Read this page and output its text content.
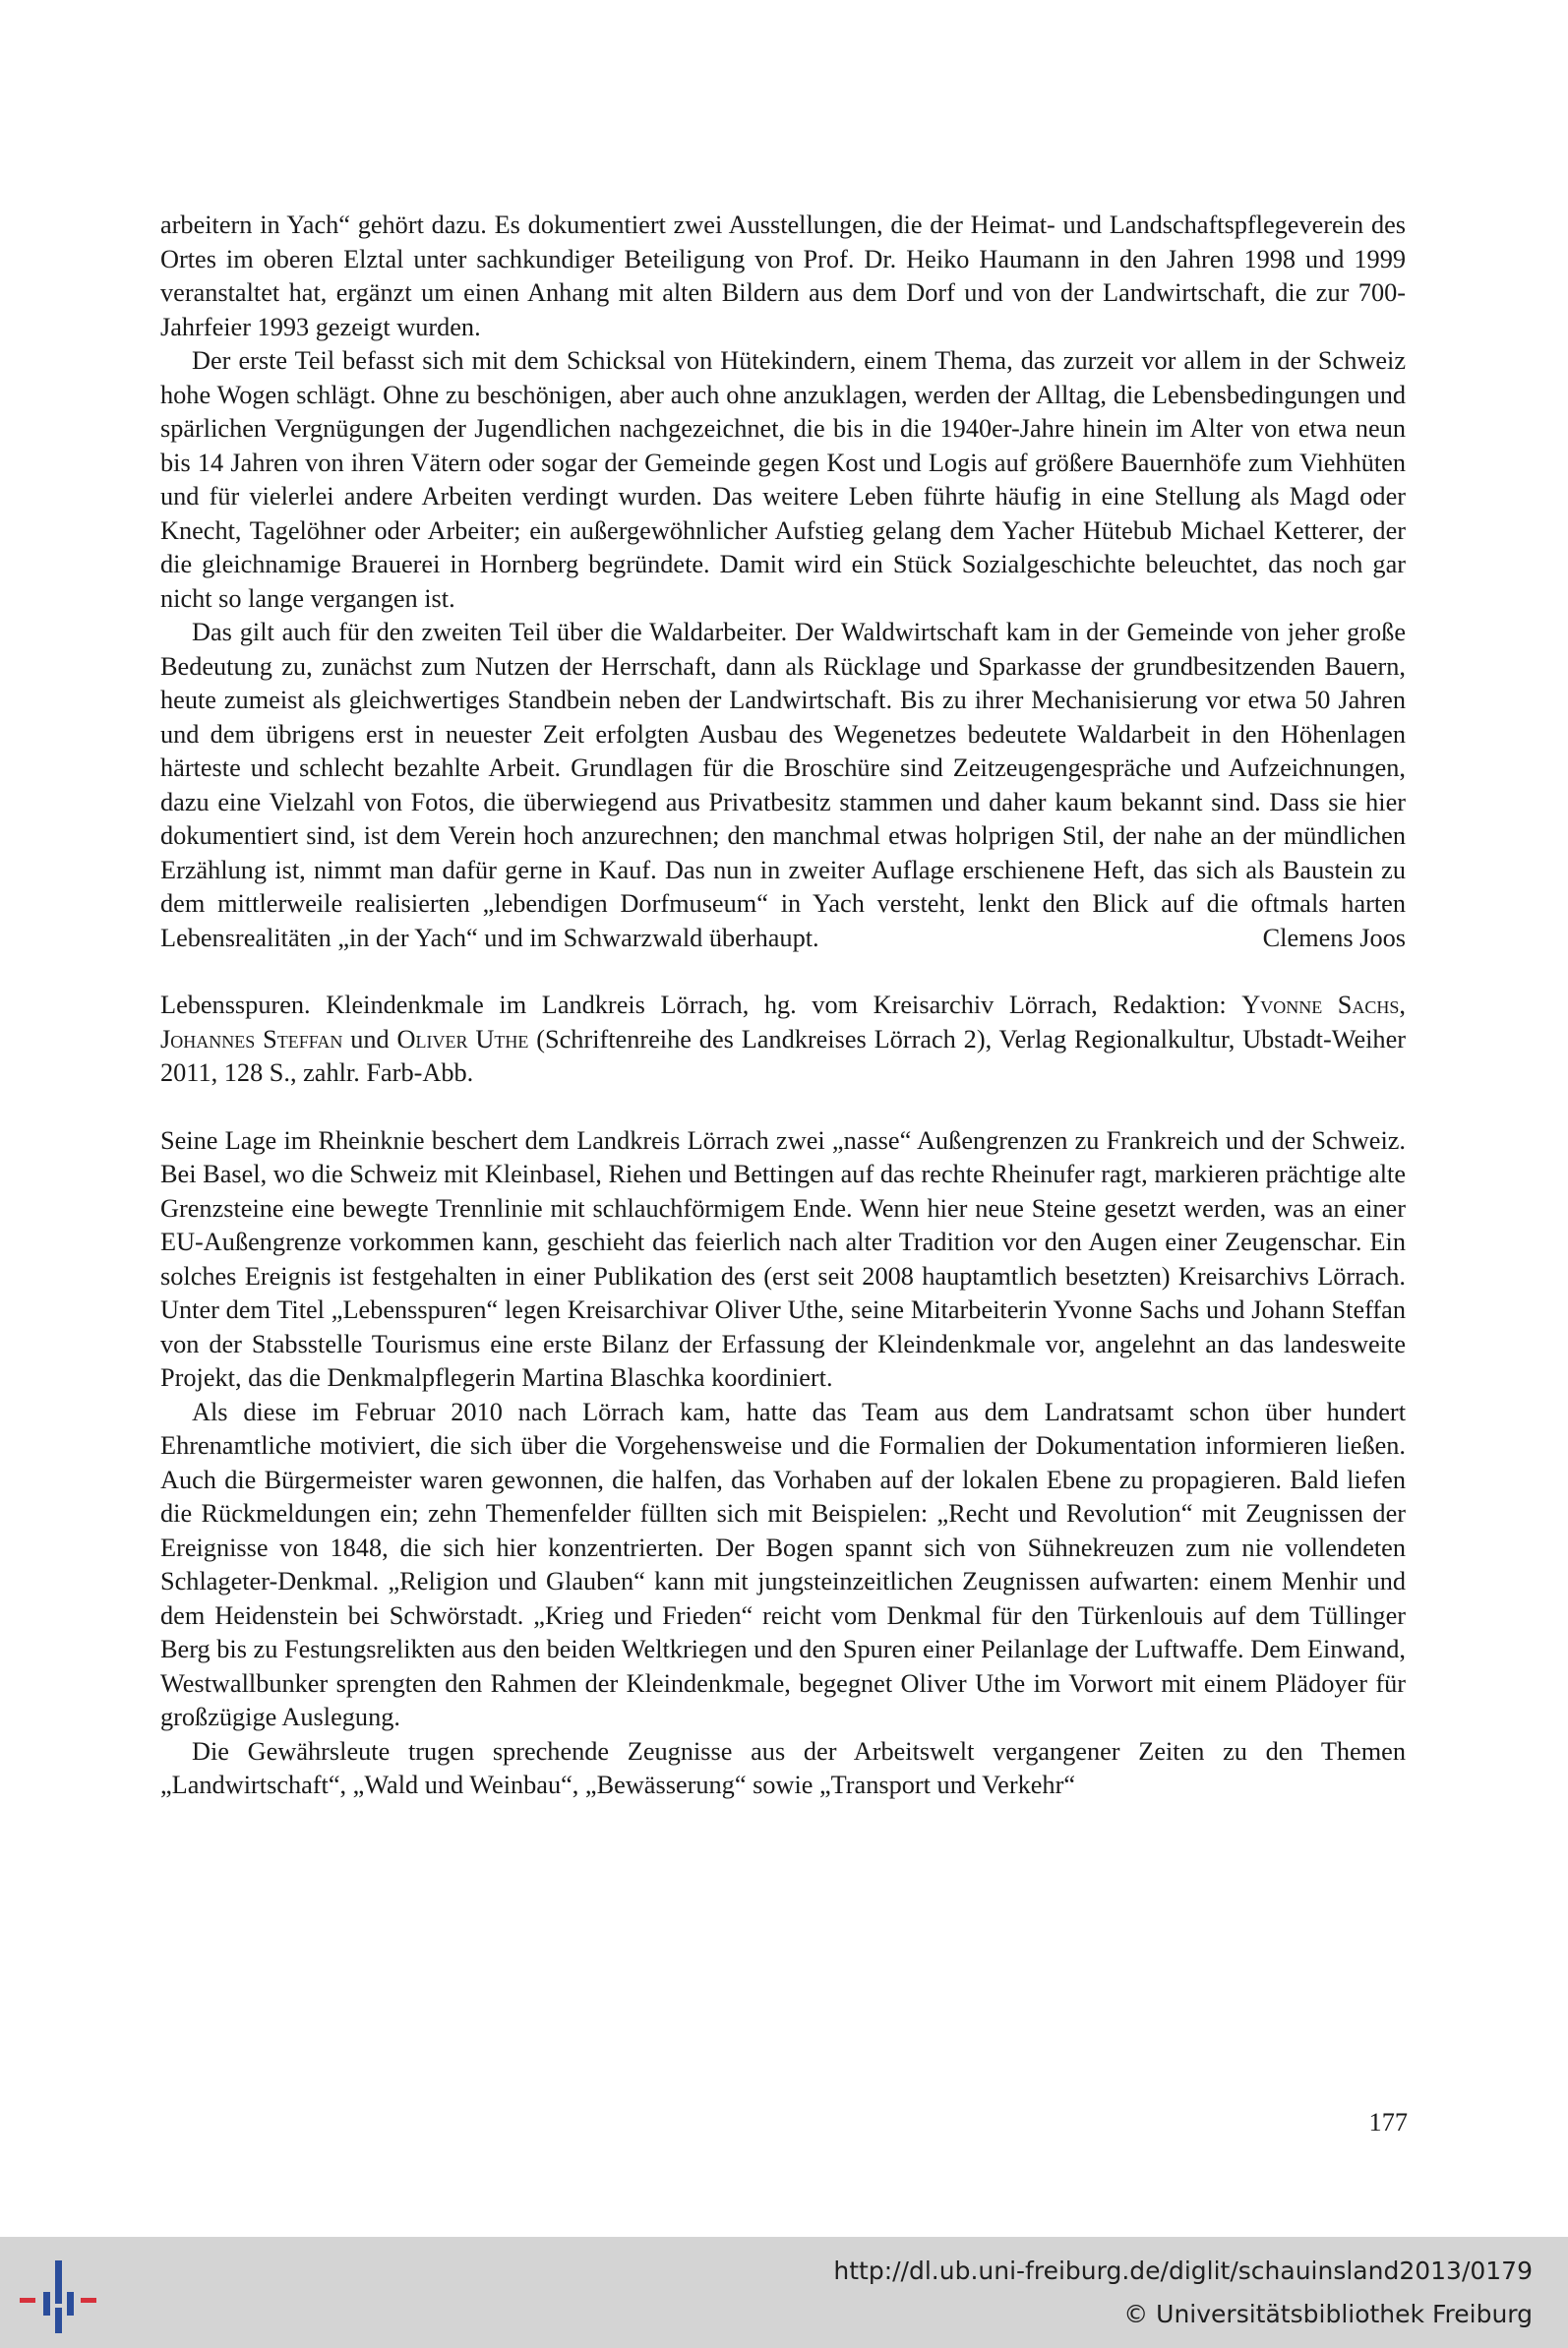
arbeitern in Yach“ gehört dazu. Es dokumentiert zwei Ausstellungen, die der Heimat- und Landschaftspflegeverein des Ortes im oberen Elztal unter sachkundiger Beteiligung von Prof. Dr. Heiko Haumann in den Jahren 1998 und 1999 veranstaltet hat, ergänzt um einen Anhang mit alten Bildern aus dem Dorf und von der Landwirtschaft, die zur 700-Jahrfeier 1993 gezeigt wurden.

Der erste Teil befasst sich mit dem Schicksal von Hütekindern, einem Thema, das zurzeit vor allem in der Schweiz hohe Wogen schlägt. Ohne zu beschönigen, aber auch ohne anzuklagen, werden der Alltag, die Lebensbedingungen und spärlichen Vergnügungen der Jugendlichen nachgezeichnet, die bis in die 1940er-Jahre hinein im Alter von etwa neun bis 14 Jahren von ihren Vätern oder sogar der Gemeinde gegen Kost und Logis auf größere Bauernhöfe zum Viehhüten und für vielerlei andere Arbeiten verdingt wurden. Das weitere Leben führte häufig in eine Stellung als Magd oder Knecht, Tagelöhner oder Arbeiter; ein außergewöhnlicher Aufstieg gelang dem Yacher Hütebub Michael Ketterer, der die gleichnamige Brauerei in Hornberg begründete. Damit wird ein Stück Sozialgeschichte beleuchtet, das noch gar nicht so lange vergangen ist.

Das gilt auch für den zweiten Teil über die Waldarbeiter. Der Waldwirtschaft kam in der Gemeinde von jeher große Bedeutung zu, zunächst zum Nutzen der Herrschaft, dann als Rücklage und Sparkasse der grundbesitzenden Bauern, heute zumeist als gleichwertiges Standbein neben der Landwirtschaft. Bis zu ihrer Mechanisierung vor etwa 50 Jahren und dem übrigens erst in neuester Zeit erfolgten Ausbau des Wegenetzes bedeutete Waldarbeit in den Höhenlagen härteste und schlecht bezahlte Arbeit. Grundlagen für die Broschüre sind Zeitzeugengespräche und Aufzeichnungen, dazu eine Vielzahl von Fotos, die überwiegend aus Privatbesitz stammen und daher kaum bekannt sind. Dass sie hier dokumentiert sind, ist dem Verein hoch anzurechnen; den manchmal etwas holprigen Stil, der nahe an der mündlichen Erzählung ist, nimmt man dafür gerne in Kauf. Das nun in zweiter Auflage erschienene Heft, das sich als Baustein zu dem mittlerweile realisierten „lebendigen Dorfmuseum“ in Yach versteht, lenkt den Blick auf die oftmals harten Lebensrealitäten „in der Yach“ und im Schwarzwald überhaupt.	Clemens Joos

Lebensspuren. Kleindenkmale im Landkreis Lörrach, hg. vom Kreisarchiv Lörrach, Redaktion: Yvonne Sachs, Johannes Steffan und Oliver Uthe (Schriftenreihe des Landkreises Lörrach 2), Verlag Regionalkultur, Ubstadt-Weiher 2011, 128 S., zahlr. Farb-Abb.

Seine Lage im Rheinknie beschert dem Landkreis Lörrach zwei „nasse“ Außengrenzen zu Frankreich und der Schweiz. Bei Basel, wo die Schweiz mit Kleinbasel, Riehen und Bettingen auf das rechte Rheinufer ragt, markieren prächtige alte Grenzsteine eine bewegte Trennlinie mit schlauchförmigem Ende. Wenn hier neue Steine gesetzt werden, was an einer EU-Außengrenze vorkommen kann, geschieht das feierlich nach alter Tradition vor den Augen einer Zeugenschar. Ein solches Ereignis ist festgehalten in einer Publikation des (erst seit 2008 hauptamtlich besetzten) Kreisarchivs Lörrach. Unter dem Titel „Lebensspuren“ legen Kreisarchivar Oliver Uthe, seine Mitarbeiterin Yvonne Sachs und Johann Steffan von der Stabsstelle Tourismus eine erste Bilanz der Erfassung der Kleindenkmale vor, angelehnt an das landesweite Projekt, das die Denkmalpflegerin Martina Blaschka koordiniert.

Als diese im Februar 2010 nach Lörrach kam, hatte das Team aus dem Landratsamt schon über hundert Ehrenamtliche motiviert, die sich über die Vorgehensweise und die Formalien der Dokumentation informieren ließen. Auch die Bürgermeister waren gewonnen, die halfen, das Vorhaben auf der lokalen Ebene zu propagieren. Bald liefen die Rückmeldungen ein; zehn Themenfelder füllten sich mit Beispielen: „Recht und Revolution“ mit Zeugnissen der Ereignisse von 1848, die sich hier konzentrierten. Der Bogen spannt sich von Sühnekreuzen zum nie vollendeten Schlageter-Denkmal. „Religion und Glauben“ kann mit jungsteinzeitlichen Zeugnissen aufwarten: einem Menhir und dem Heidenstein bei Schwörstadt. „Krieg und Frieden“ reicht vom Denkmal für den Türkenlouis auf dem Tüllinger Berg bis zu Festungsrelikten aus den beiden Weltkriegen und den Spuren einer Peilanlage der Luftwaffe. Dem Einwand, Westwallbunker sprengten den Rahmen der Kleindenkmale, begegnet Oliver Uthe im Vorwort mit einem Plädoyer für großzügige Auslegung.

Die Gewährsleute trugen sprechende Zeugnisse aus der Arbeitswelt vergangener Zeiten zu den Themen „Landwirtschaft“, „Wald und Weinbau“, „Bewässerung“ sowie „Transport und Verkehr“

177
http://dl.ub.uni-freiburg.de/diglit/schauinsland2013/0179
© Universitätsbibliothek Freiburg
